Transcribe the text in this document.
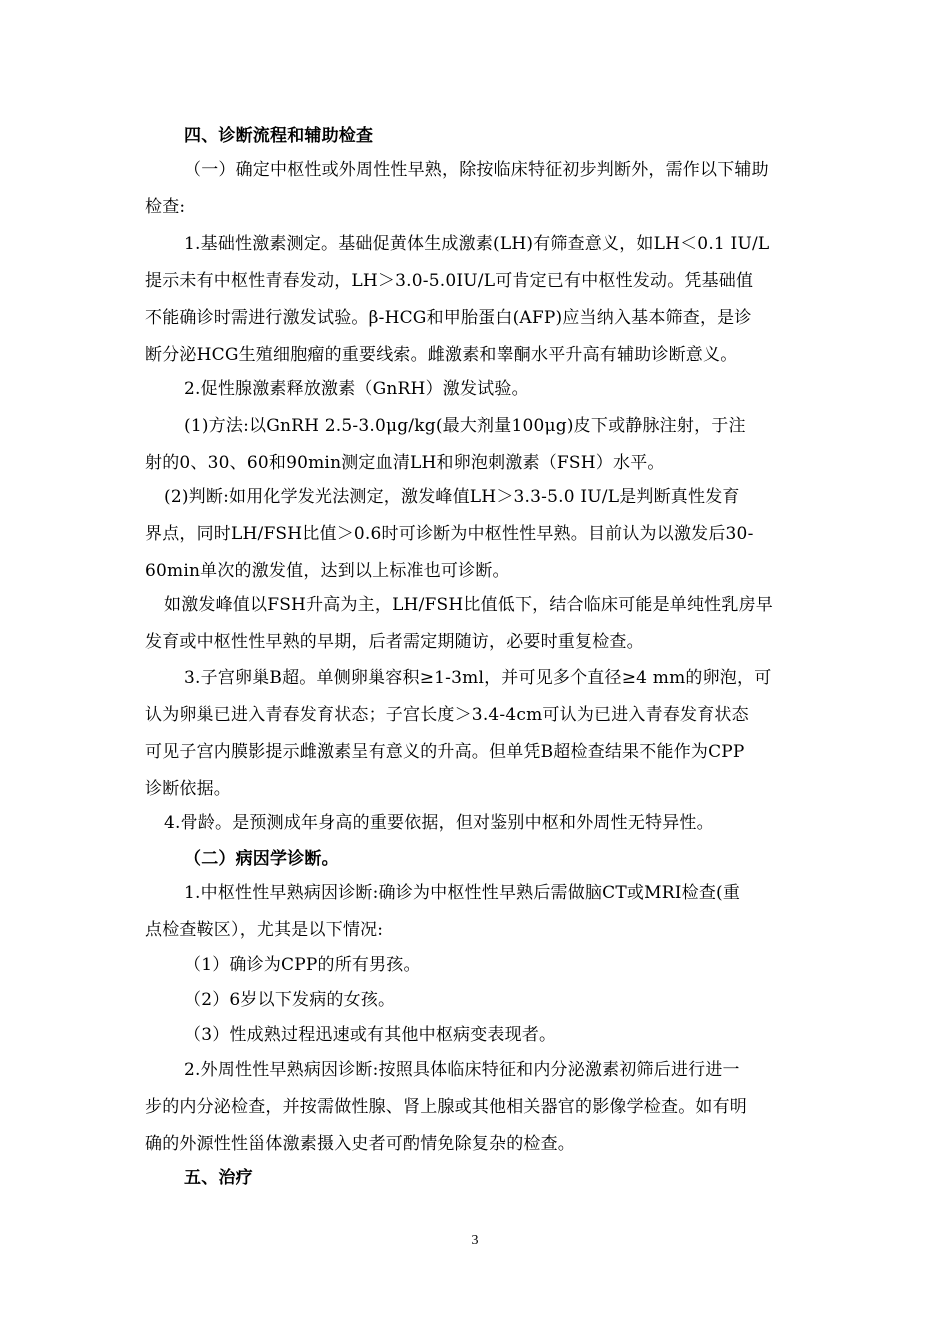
四、诊断流程和辅助检查
（一）确定中枢性或外周性性早熟，除按临床特征初步判断外，需作以下辅助
检查:
1.基础性激素测定。基础促黄体生成激素(LH)有筛查意义，如LH＜0.1 IU/L
提示未有中枢性青春发动，LH＞3.0-5.0IU/L可肯定已有中枢性发动。凭基础值
不能确诊时需进行激发试验。β-HCG和甲胎蛋白(AFP)应当纳入基本筛查，是诊
断分泌HCG生殖细胞瘤的重要线索。雌激素和睾酮水平升高有辅助诊断意义。
2.促性腺激素释放激素（GnRH）激发试验。
(1)方法:以GnRH 2.5-3.0μg/kg(最大剂量100μg)皮下或静脉注射，于注
射的0、30、60和90min测定血清LH和卵泡刺激素（FSH）水平。
(2)判断:如用化学发光法测定，激发峰值LH＞3.3-5.0 IU/L是判断真性发育
界点，同时LH/FSH比值＞0.6时可诊断为中枢性性早熟。目前认为以激发后30-
60min单次的激发值，达到以上标准也可诊断。
如激发峰值以FSH升高为主，LH/FSH比值低下，结合临床可能是单纯性乳房早
发育或中枢性性早熟的早期，后者需定期随访，必要时重复检查。
3.子宫卵巢B超。单侧卵巢容积≥1-3ml，并可见多个直径≥4 mm的卵泡，可
认为卵巢已进入青春发育状态；子宫长度＞3.4-4cm可认为已进入青春发育状态
可见子宫内膜影提示雌激素呈有意义的升高。但单凭B超检查结果不能作为CPP
诊断依据。
4.骨龄。是预测成年身高的重要依据，但对鉴别中枢和外周性无特异性。
（二）病因学诊断。
1.中枢性性早熟病因诊断:确诊为中枢性性早熟后需做脑CT或MRI检查(重
点检查鞍区），尤其是以下情况:
（1）确诊为CPP的所有男孩。
（2）6岁以下发病的女孩。
（3）性成熟过程迅速或有其他中枢病变表现者。
2.外周性性早熟病因诊断:按照具体临床特征和内分泌激素初筛后进行进一
步的内分泌检查，并按需做性腺、肾上腺或其他相关器官的影像学检查。如有明
确的外源性性甾体激素摄入史者可酌情免除复杂的检查。
五、治疗
3
